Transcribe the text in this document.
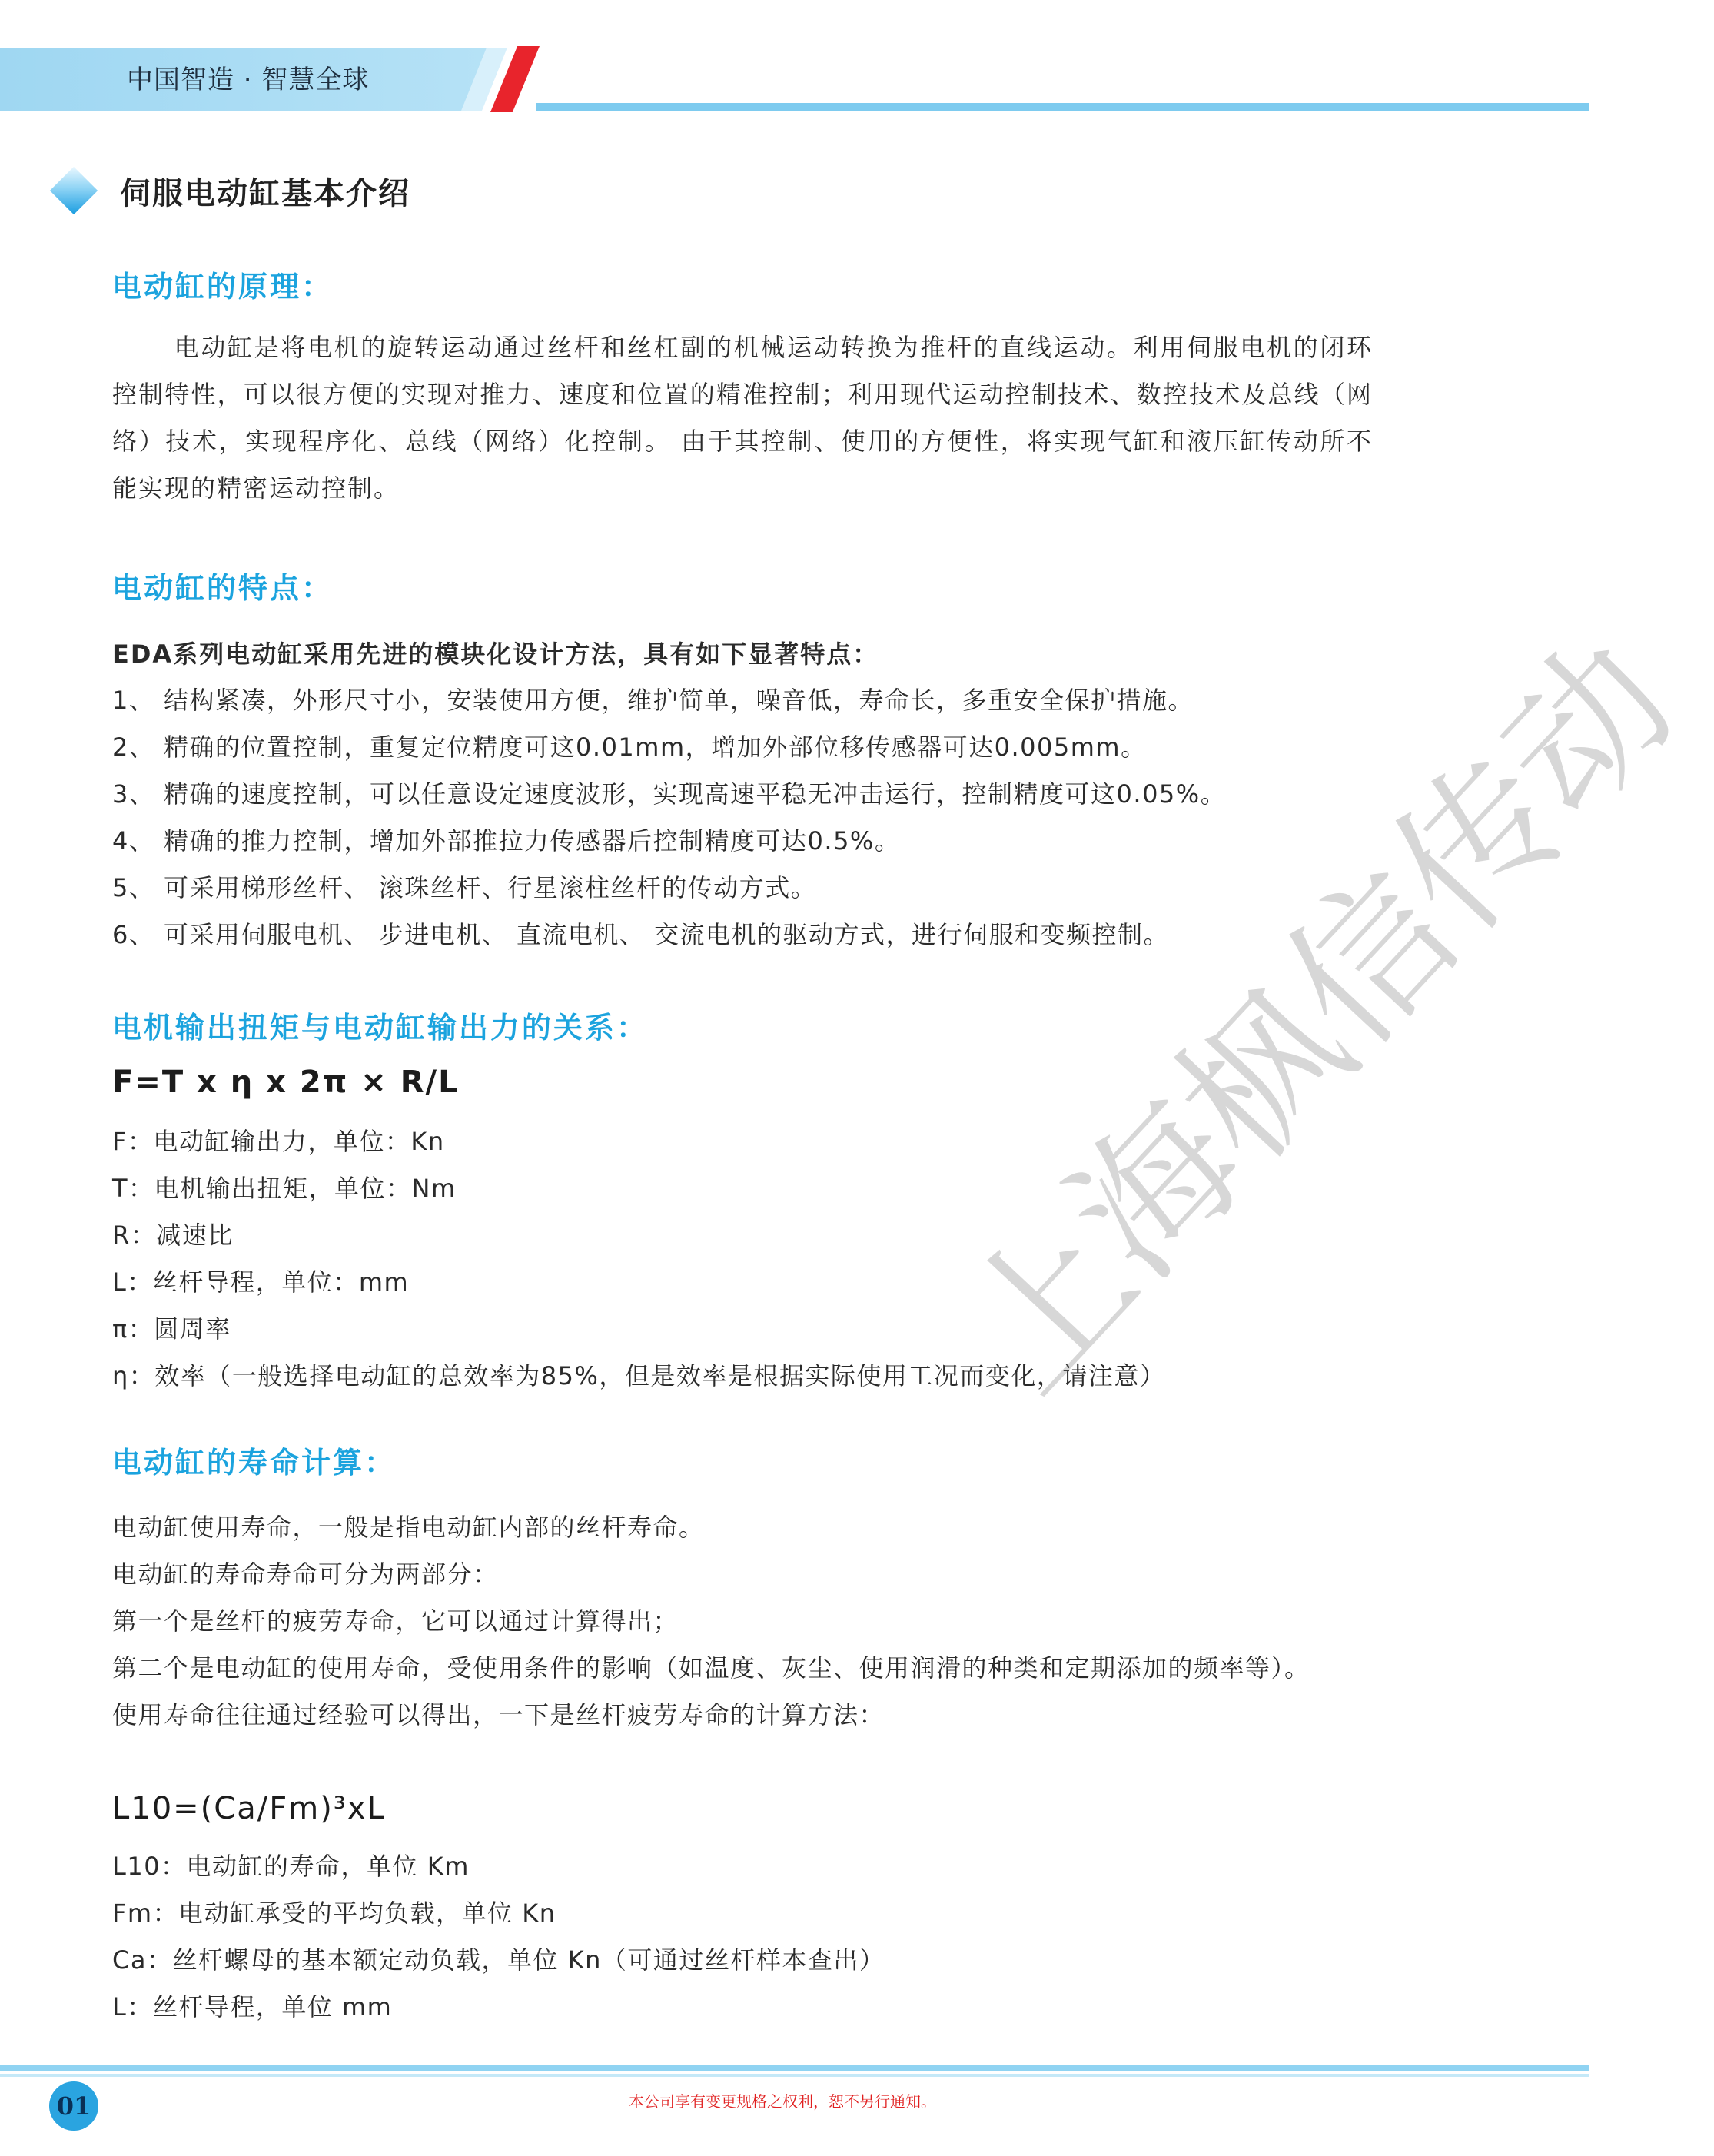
中国智造 · 智慧全球
伺服电动缸基本介绍
电动缸的原理：
电动缸是将电机的旋转运动通过丝杆和丝杠副的机械运动转换为推杆的直线运动。利用伺服电机的闭环控制特性，可以很方便的实现对推力、速度和位置的精准控制；利用现代运动控制技术、数控技术及总线（网络）技术，实现程序化、总线（网络）化控制。 由于其控制、使用的方便性，将实现气缸和液压缸传动所不能实现的精密运动控制。
电动缸的特点：
EDA系列电动缸采用先进的模块化设计方法，具有如下显著特点：
1、 结构紧凑，外形尺寸小，安装使用方便，维护简单，噪音低，寿命长，多重安全保护措施。
2、 精确的位置控制，重复定位精度可这0.01mm，增加外部位移传感器可达0.005mm。
3、 精确的速度控制，可以任意设定速度波形，实现高速平稳无冲击运行，控制精度可这0.05%。
4、 精确的推力控制，增加外部推拉力传感器后控制精度可达0.5%。
5、 可采用梯形丝杆、 滚珠丝杆、行星滚柱丝杆的传动方式。
6、 可采用伺服电机、 步进电机、 直流电机、 交流电机的驱动方式，进行伺服和变频控制。
电机输出扭矩与电动缸输出力的关系：
F=T x η x 2π × R/L
F：电动缸输出力，单位：Kn
T：电机输出扭矩，单位：Nm
R：减速比
L：丝杆导程，单位：mm
π：圆周率
η：效率（一般选择电动缸的总效率为85%，但是效率是根据实际使用工况而变化，请注意）
电动缸的寿命计算：
电动缸使用寿命，一般是指电动缸内部的丝杆寿命。
电动缸的寿命寿命可分为两部分：
第一个是丝杆的疲劳寿命，它可以通过计算得出；
第二个是电动缸的使用寿命，受使用条件的影响（如温度、灰尘、使用润滑的种类和定期添加的频率等）。
使用寿命往往通过经验可以得出，一下是丝杆疲劳寿命的计算方法：
L10=(Ca/Fm)³xL
L10：电动缸的寿命，单位 Km
Fm：电动缸承受的平均负载，单位 Kn
Ca：丝杆螺母的基本额定动负载，单位 Kn（可通过丝杆样本查出）
L：丝杆导程，单位 mm
上海枫信传动
01	本公司享有变更规格之权利，恕不另行通知。
